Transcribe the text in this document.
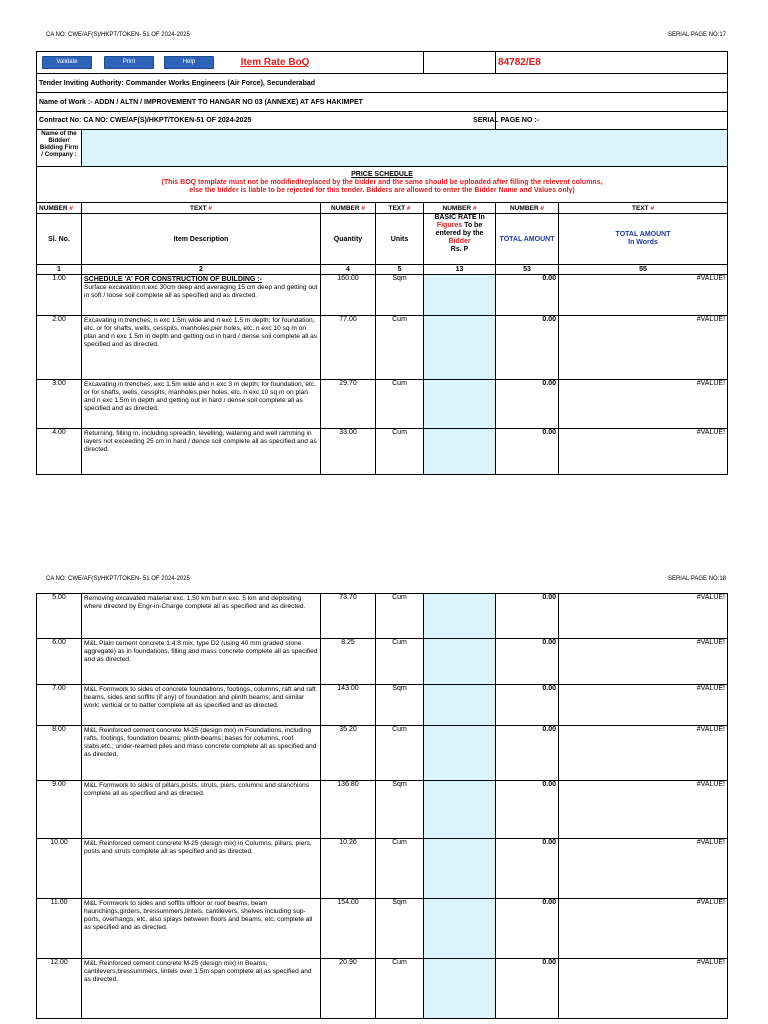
CA NO: CWE/AF(S)/HKPT/TOKEN- 51 OF 2024-2025	SERIAL PAGE NO:17
Validate	Print	Help	Item Rate BoQ					84782/E8	
Tender Inviting Authority: Commander Works Engineers (Air Force), Secunderabad						
Name of Work :- ADDN / ALTN / IMPROVEMENT TO HANGAR NO 03 (ANNEXE) AT AFS HAKIMPET						
Contract No: CA NO: CWE/AF(S)/HKPT/TOKEN-51 OF 2024-2025					SERIAL PAGE NO :-	
Name of the Bidder/ Bidding Firm / Company :						

PRICE SCHEDULE
(This BOQ template must not be modified/replaced by the bidder and the same should be uploaded after filling the relevent columns,
else the bidder is liable to be rejected for this tender. Bidders are allowed to enter the Bidder Name and Values only)						

NUMBER #	TEXT #	NUMBER #	TEXT #	NUMBER #	NUMBER #	TEXT #
Sl. No.	Item Description	Quantity	Units	BASIC RATE In
Figures To be entered by the
Bidder
Rs. P	TOTAL AMOUNT	TOTAL AMOUNT
In Words
1	2	4	5	13	53	55
1.00	SCHEDULE 'A' FOR CONSTRUCTION OF BUILDING :-
Surface excavation n.exc 30cm deep and averaging 15 cm deep and getting out in soft / loose soil complete all as specified and as directed.	160.00	Sqm		0.00	#VALUE!
2.00	Excavating in trenches, n exc 1.5m wide and n exc 1.5 m depth; for foundation, etc. or for shafts, wells, cesspits, manholes,pier holes, etc. n exc 10 sq m on plan and n exc 1.5m in depth and getting out in hard / dense soil complete all as specified and as directed.	77.00	Cum		0.00	#VALUE!
3.00	Excavating in trenches, exc 1.5m wide and n exc 3 m depth; for foundation, etc. or for shafts, wells, cesspits, manholes,pier holes, etc. n exc 10 sq m on plan and n exc 1.5m in depth and getting out in hard / dense soil complete all as specified and as directed.	29.70	Cum		0.00	#VALUE!
4.00	Returning, filling in, including spreadin, levelling, watering and well ramming in layers not exceeding 25 cm in hard / dence soil complete all as specified and as directed.	33.00	Cum		0.00	#VALUE!
CA NO: CWE/AF(S)/HKPT/TOKEN- 51 OF 2024-2025	SERIAL PAGE NO:18
5.00	Removing excavated material exc. 1.50 km but n exc. 5 km and depositing where directed by Engr-in-Charge complete all as specified and as directed.	73.70	Cum		0.00	#VALUE!
6.00	M&L Plain cement concrete 1:4:8 mix, type D2 (using 40 mm graded stone aggregate) as in foundations, filling and mass concrete complete all as specified and as directed.	8.25	Cum		0.00	#VALUE!
7.00	M&L Formwork to sides of concrete foundations, footings, columns, raft and raft beams, sides and soffits (if any) of foundation and plinth beams; and similar work; vertical or to batter complete all as specified and as directed.	143.00	Sqm		0.00	#VALUE!
8.00	M&L Reinforced cement concrete M-25 (design mix) in Foundations, including rafts, footings, foundation beams; plinth-beams; bases for columns, roof slabs,etc.; under-reamed piles and mass concrete complete all as specified and as directed.	35.20	Cum		0.00	#VALUE!
9.00	M&L Formwork to sides of pillars,posts, struts, piers, columns and stanchions complete all as specified and as directed.	136.80	Sqm		0.00	#VALUE!
10.00	M&L Reinforced cement concrete M-25 (design mix) in Columns, pillars, piers, posts and struts complete all as specified and as directed.	10.26	Cum		0.00	#VALUE!
11.00	M&L Formwork to sides and soffits offloor or roof beams, beam haunchings,girders, bressummers,lintels, cantilevers, shelves including sup- ports, overhangs, etc. also splays between floors and beams, etc. complete all as specified and as directed.	154.00	Sqm		0.00	#VALUE!
12.00	M&L Reinforced cement concrete M-25 (design mix) in Beams, cantilevers,bressummers, lintels over 1.5m span complete all as specified and as directed.	20.90	Cum		0.00	#VALUE!
